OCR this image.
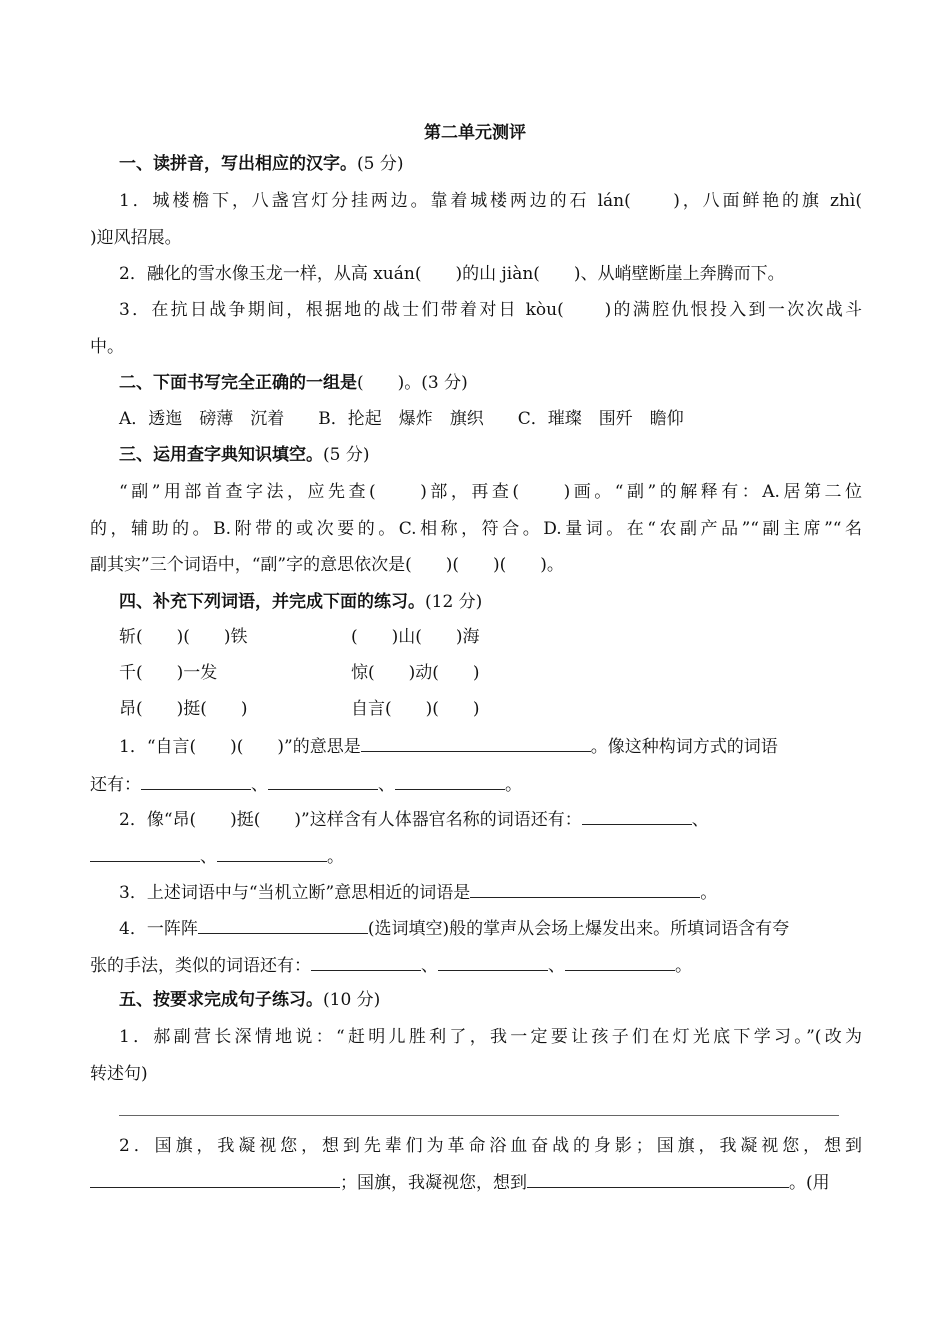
第二单元测评
一、读拼音，写出相应的汉字。(5 分)
1．城楼檐下，八盏宫灯分挂两边。靠着城楼两边的石 lán(　　)，八面鲜艳的旗 zhì(
)迎风招展。
2．融化的雪水像玉龙一样，从高 xuán(　　)的山 jiàn(　　)、从峭壁断崖上奔腾而下。
3．在抗日战争期间，根据地的战士们带着对日 kòu(　　)的满腔仇恨投入到一次次战斗
中。
二、下面书写完全正确的一组是(　　)。(3 分)
A．透迤　磅薄　沉着　　B．抡起　爆炸　旗织　　C．璀璨　围歼　瞻仰
三、运用查字典知识填空。(5 分)
“副”用部首查字法，应先查(　　)部，再查(　　)画。“副”的解释有：A.居第二位
的，辅助的。B.附带的或次要的。C.相称，符合。D.量词。在“农副产品”“副主席”“名
副其实”三个词语中，“副”字的意思依次是(　　)(　　)(　　)。
四、补充下列词语，并完成下面的练习。(12 分)
斩(　　)(　　)铁	(　　)山(　　)海
千(　　)一发	惊(　　)动(　　)
昂(　　)挺(　　)	自言(　　)(　　)
1．“自言(　　)(　　)”的意思是	。像这种构词方式的词语
还有：	、	、	。
2．像“昂(　　)挺(　　)”这样含有人体器官名称的词语还有：	、
、	。
3．上述词语中与“当机立断”意思相近的词语是	。
4．一阵阵	(选词填空)般的掌声从会场上爆发出来。所填词语含有夸
张的手法，类似的词语还有：	、	、	。
五、按要求完成句子练习。(10 分)
1．郝副营长深情地说：“赶明儿胜利了，我一定要让孩子们在灯光底下学习。”(改为
转述句)
2．国旗，我凝视您，想到先辈们为革命浴血奋战的身影；国旗，我凝视您，想到
；国旗，我凝视您，想到	。(用
